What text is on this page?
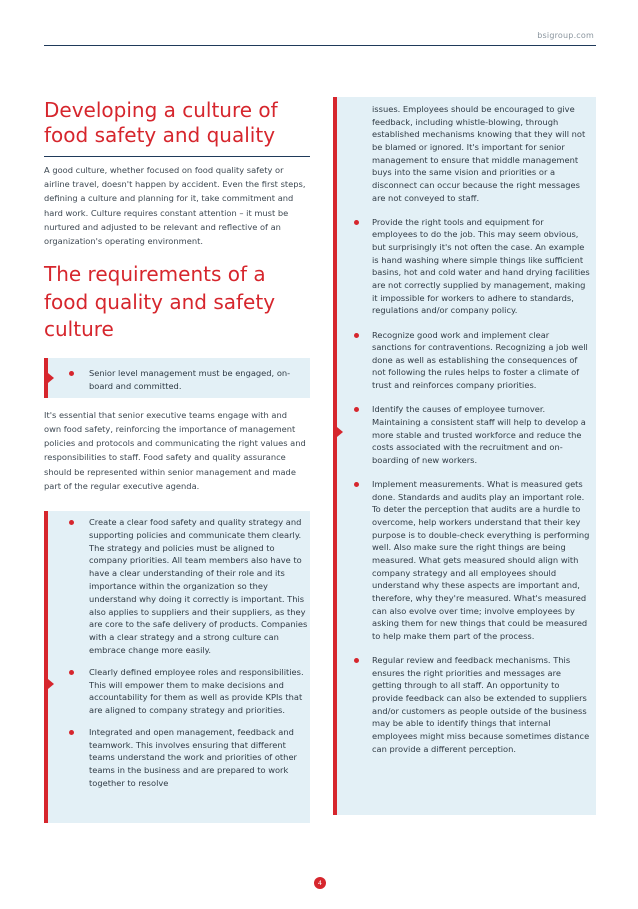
bsigroup.com
Developing a culture of food safety and quality
A good culture, whether focused on food quality safety or airline travel, doesn't happen by accident. Even the first steps, defining a culture and planning for it, take commitment and hard work. Culture requires constant attention – it must be nurtured and adjusted to be relevant and reflective of an organization's operating environment.
The requirements of a food quality and safety culture
Senior level management must be engaged, on-board and committed.
It's essential that senior executive teams engage with and own food safety, reinforcing the importance of management policies and protocols and communicating the right values and responsibilities to staff. Food safety and quality assurance should be represented within senior management and made part of the regular executive agenda.
Create a clear food safety and quality strategy and supporting policies and communicate them clearly. The strategy and policies must be aligned to company priorities. All team members also have to have a clear understanding of their role and its importance within the organization so they understand why doing it correctly is important. This also applies to suppliers and their suppliers, as they are core to the safe delivery of products. Companies with a clear strategy and a strong culture can embrace change more easily.
Clearly defined employee roles and responsibilities. This will empower them to make decisions and accountability for them as well as provide KPIs that are aligned to company strategy and priorities.
Integrated and open management, feedback and teamwork. This involves ensuring that different teams understand the work and priorities of other teams in the business and are prepared to work together to resolve
issues. Employees should be encouraged to give feedback, including whistle-blowing, through established mechanisms knowing that they will not be blamed or ignored. It's important for senior management to ensure that middle management buys into the same vision and priorities or a disconnect can occur because the right messages are not conveyed to staff.
Provide the right tools and equipment for employees to do the job. This may seem obvious, but surprisingly it's not often the case. An example is hand washing where simple things like sufficient basins, hot and cold water and hand drying facilities are not correctly supplied by management, making it impossible for workers to adhere to standards, regulations and/or company policy.
Recognize good work and implement clear sanctions for contraventions. Recognizing a job well done as well as establishing the consequences of not following the rules helps to foster a climate of trust and reinforces company priorities.
Identify the causes of employee turnover. Maintaining a consistent staff will help to develop a more stable and trusted workforce and reduce the costs associated with the recruitment and on-boarding of new workers.
Implement measurements. What is measured gets done. Standards and audits play an important role. To deter the perception that audits are a hurdle to overcome, help workers understand that their key purpose is to double-check everything is performing well. Also make sure the right things are being measured. What gets measured should align with company strategy and all employees should understand why these aspects are important and, therefore, why they're measured. What's measured can also evolve over time; involve employees by asking them for new things that could be measured to help make them part of the process.
Regular review and feedback mechanisms. This ensures the right priorities and messages are getting through to all staff. An opportunity to provide feedback can also be extended to suppliers and/or customers as people outside of the business may be able to identify things that internal employees might miss because sometimes distance can provide a different perception.
4
